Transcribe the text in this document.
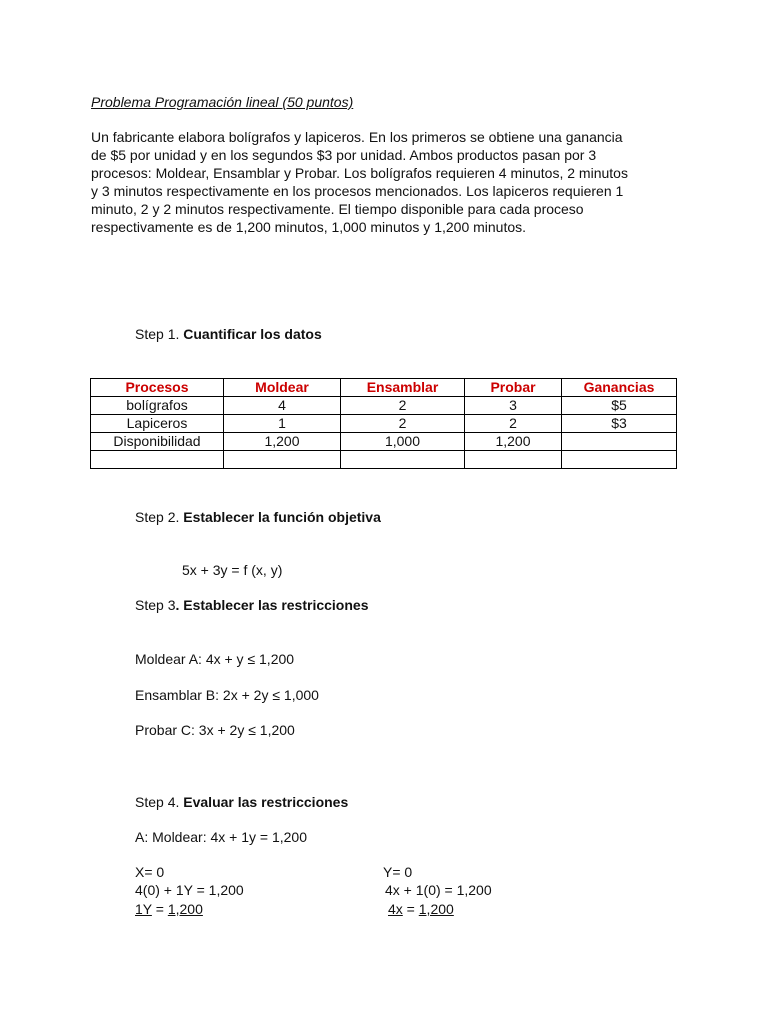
Problema Programación lineal (50 puntos)
Un fabricante elabora bolígrafos y lapiceros. En los primeros se obtiene una ganancia
de $5 por unidad y en los segundos $3 por unidad. Ambos productos pasan por 3
procesos: Moldear, Ensamblar y Probar. Los bolígrafos requieren 4 minutos, 2 minutos
y 3 minutos respectivamente en los procesos mencionados. Los lapiceros requieren 1
minuto, 2 y 2 minutos respectivamente. El tiempo disponible para cada proceso
respectivamente es de 1,200 minutos, 1,000 minutos y 1,200 minutos.
Step 1. Cuantificar los datos
Procesos	Moldear	Ensamblar	Probar	Ganancias
bolígrafos	4	2	3	$5
Lapiceros	1	2	2	$3
Disponibilidad	1,200	1,000	1,200	

Step 2. Establecer la función objetiva
5x + 3y = f (x, y)
Step 3. Establecer las restricciones
Moldear A: 4x + y ≤ 1,200
Ensamblar B: 2x + 2y ≤ 1,000
Probar C: 3x + 2y ≤ 1,200
Step 4. Evaluar las restricciones
A: Moldear: 4x + 1y = 1,200
X= 0
4(0) + 1Y = 1,200
1Y = 1,200
Y= 0
4x + 1(0) = 1,200
4x = 1,200
